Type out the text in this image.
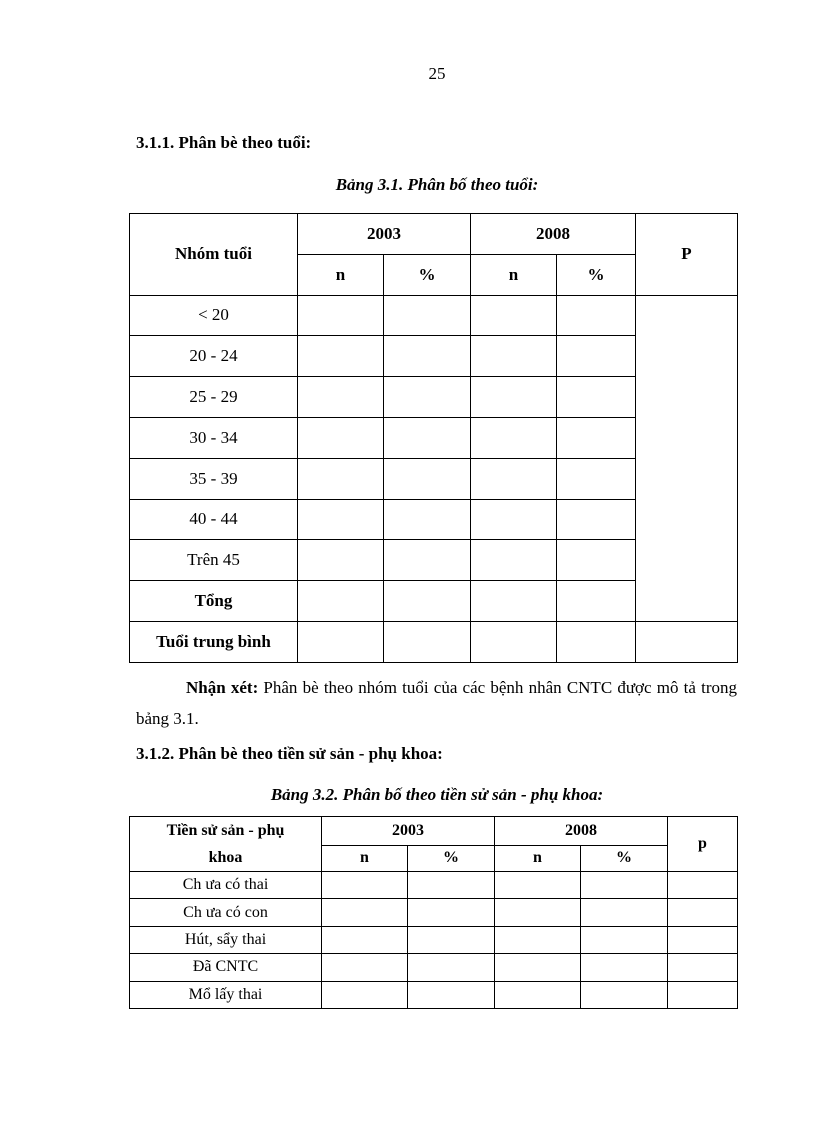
25
3.1.1. Phân bè theo tuổi:
Bảng 3.1. Phân bố theo tuổi:
Nhóm tuổi	2003		2008		P
	n	%	n	%	
< 20					
20 - 24					
25 - 29					
30 - 34					
35 - 39					
40 - 44					
Trên 45					
Tổng					
Tuổi trung bình					
Nhận xét: Phân bè theo nhóm tuổi của các bệnh nhân CNTC được mô tả trong bảng 3.1.
3.1.2. Phân bè theo tiền sử sản - phụ khoa:
Bảng 3.2. Phân bố theo tiền sử sản - phụ khoa:
Tiền sử sản - phụ
khoa	2003		2008		p
	n	%	n	%	
Ch ưa có thai					
Ch ưa có con					
Hút, sẩy thai					
Đã CNTC					
Mổ lấy thai					
